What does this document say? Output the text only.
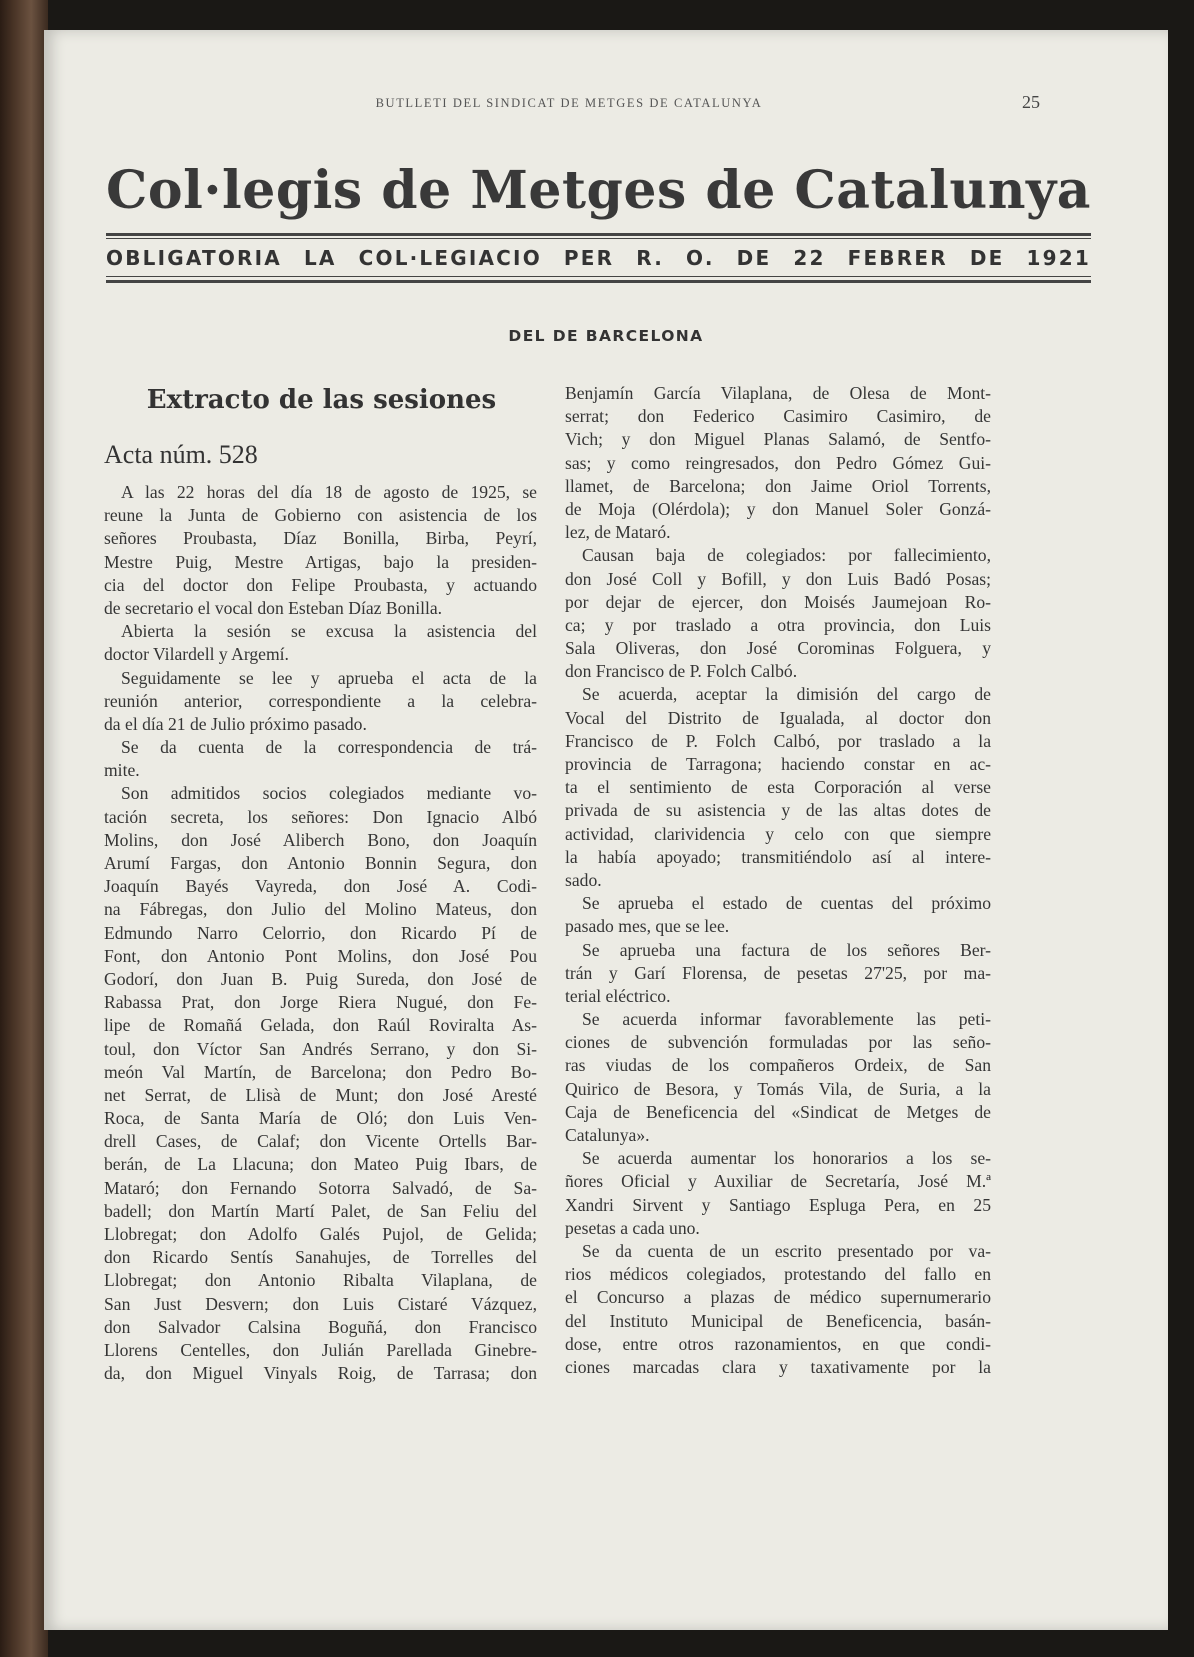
BUTLLETI DEL SINDICAT DE METGES DE CATALUNYA	25
Col·legis de Metges de Catalunya
OBLIGATORIA LA COL·LEGIACIO PER R. O. DE 22 FEBRER DE 1921
DEL DE BARCELONA
Extracto de las sesiones
Acta núm. 528
A las 22 horas del día 18 de agosto de 1925, se
reune la Junta de Gobierno con asistencia de los
señores Proubasta, Díaz Bonilla, Birba, Peyrí,
Mestre Puig, Mestre Artigas, bajo la presiden-
cia del doctor don Felipe Proubasta, y actuando
de secretario el vocal don Esteban Díaz Bonilla.
Abierta la sesión se excusa la asistencia del
doctor Vilardell y Argemí.
Seguidamente se lee y aprueba el acta de la
reunión anterior, correspondiente a la celebra-
da el día 21 de Julio próximo pasado.
Se da cuenta de la correspondencia de trá-
mite.
Son admitidos socios colegiados mediante vo-
tación secreta, los señores: Don Ignacio Albó
Molins, don José Aliberch Bono, don Joaquín
Arumí Fargas, don Antonio Bonnin Segura, don
Joaquín Bayés Vayreda, don José A. Codi-
na Fábregas, don Julio del Molino Mateus, don
Edmundo Narro Celorrio, don Ricardo Pí de
Font, don Antonio Pont Molins, don José Pou
Godorí, don Juan B. Puig Sureda, don José de
Rabassa Prat, don Jorge Riera Nugué, don Fe-
lipe de Romañá Gelada, don Raúl Roviralta As-
toul, don Víctor San Andrés Serrano, y don Si-
meón Val Martín, de Barcelona; don Pedro Bo-
net Serrat, de Llisà de Munt; don José Aresté
Roca, de Santa María de Oló; don Luis Ven-
drell Cases, de Calaf; don Vicente Ortells Bar-
berán, de La Llacuna; don Mateo Puig Ibars, de
Mataró; don Fernando Sotorra Salvadó, de Sa-
badell; don Martín Martí Palet, de San Feliu del
Llobregat; don Adolfo Galés Pujol, de Gelida;
don Ricardo Sentís Sanahujes, de Torrelles del
Llobregat; don Antonio Ribalta Vilaplana, de
San Just Desvern; don Luis Cistaré Vázquez,
don Salvador Calsina Boguñá, don Francisco
Llorens Centelles, don Julián Parellada Ginebre-
da, don Miguel Vinyals Roig, de Tarrasa; don
Benjamín García Vilaplana, de Olesa de Mont-
serrat; don Federico Casimiro Casimiro, de
Vich; y don Miguel Planas Salamó, de Sentfo-
sas; y como reingresados, don Pedro Gómez Gui-
llamet, de Barcelona; don Jaime Oriol Torrents,
de Moja (Olérdola); y don Manuel Soler Gonzá-
lez, de Mataró.
Causan baja de colegiados: por fallecimiento,
don José Coll y Bofill, y don Luis Badó Posas;
por dejar de ejercer, don Moisés Jaumejoan Ro-
ca; y por traslado a otra provincia, don Luis
Sala Oliveras, don José Corominas Folguera, y
don Francisco de P. Folch Calbó.
Se acuerda, aceptar la dimisión del cargo de
Vocal del Distrito de Igualada, al doctor don
Francisco de P. Folch Calbó, por traslado a la
provincia de Tarragona; haciendo constar en ac-
ta el sentimiento de esta Corporación al verse
privada de su asistencia y de las altas dotes de
actividad, clarividencia y celo con que siempre
la había apoyado; transmitiéndolo así al intere-
sado.
Se aprueba el estado de cuentas del próximo
pasado mes, que se lee.
Se aprueba una factura de los señores Ber-
trán y Garí Florensa, de pesetas 27'25, por ma-
terial eléctrico.
Se acuerda informar favorablemente las peti-
ciones de subvención formuladas por las seño-
ras viudas de los compañeros Ordeix, de San
Quirico de Besora, y Tomás Vila, de Suria, a la
Caja de Beneficencia del «Sindicat de Metges de
Catalunya».
Se acuerda aumentar los honorarios a los se-
ñores Oficial y Auxiliar de Secretaría, José M.ª
Xandri Sirvent y Santiago Espluga Pera, en 25
pesetas a cada uno.
Se da cuenta de un escrito presentado por va-
rios médicos colegiados, protestando del fallo en
el Concurso a plazas de médico supernumerario
del Instituto Municipal de Beneficencia, basán-
dose, entre otros razonamientos, en que condi-
ciones marcadas clara y taxativamente por la
